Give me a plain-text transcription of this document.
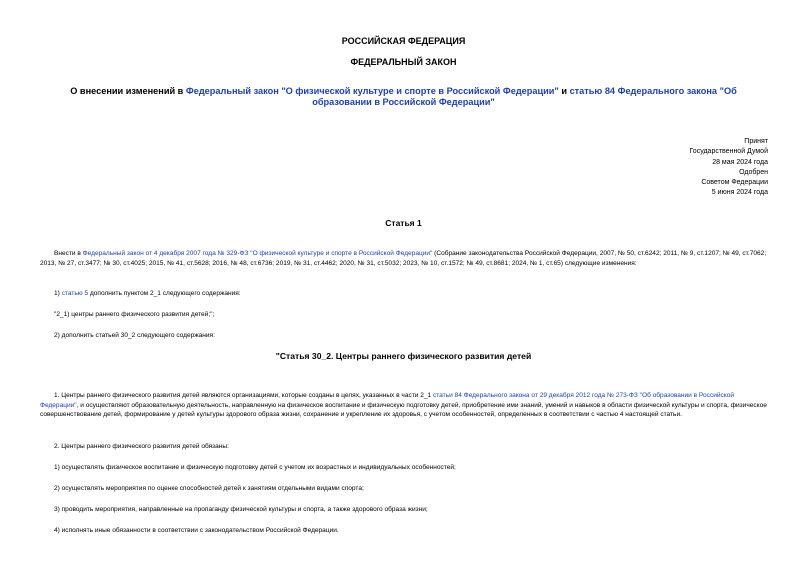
РОССИЙСКАЯ ФЕДЕРАЦИЯ
ФЕДЕРАЛЬНЫЙ ЗАКОН
О внесении изменений в Федеральный закон "О физической культуре и спорте в Российской Федерации" и статью 84 Федерального закона "Об образовании в Российской Федерации"
Принят
Государственной Думой
28 мая 2024 года
Одобрен
Советом Федерации
5 июня 2024 года
Статья 1
Внести в Федеральный закон от 4 декабря 2007 года № 329-ФЗ "О физической культуре и спорте в Российской Федерации" (Собрание законодательства Российской Федерации, 2007, № 50, ст.6242; 2011, № 9, ст.1207; № 49, ст.7062; 2013, № 27, ст.3477; № 30, ст.4025; 2015, № 41, ст.5628; 2016, № 48, ст.6736; 2019, № 31, ст.4462; 2020, № 31, ст.5032; 2023, № 10, ст.1572; № 49, ст.8681; 2024, № 1, ст.65) следующие изменения:
1) статью 5 дополнить пунктом 2_1 следующего содержания:
"2_1) центры раннего физического развития детей;";
2) дополнить статьей 30_2 следующего содержания:
"Статья 30_2. Центры раннего физического развития детей
1. Центры раннего физического развития детей являются организациями, которые созданы в целях, указанных в части 2_1 статьи 84 Федерального закона от 29 декабря 2012 года № 273-ФЗ "Об образовании в Российской Федерации", и осуществляют образовательную деятельность, направленную на физическое воспитание и физическую подготовку детей, приобретение ими знаний, умений и навыков в области физической культуры и спорта, физическое совершенствование детей, формирование у детей культуры здорового образа жизни, сохранение и укрепление их здоровья, с учетом особенностей, определенных в соответствии с частью 4 настоящей статьи.
2. Центры раннего физического развития детей обязаны:
1) осуществлять физическое воспитание и физическую подготовку детей с учетом их возрастных и индивидуальных особенностей;
2) осуществлять мероприятия по оценке способностей детей к занятиям отдельными видами спорта;
3) проводить мероприятия, направленные на пропаганду физической культуры и спорта, а также здорового образа жизни;
4) исполнять иные обязанности в соответствии с законодательством Российской Федерации.
